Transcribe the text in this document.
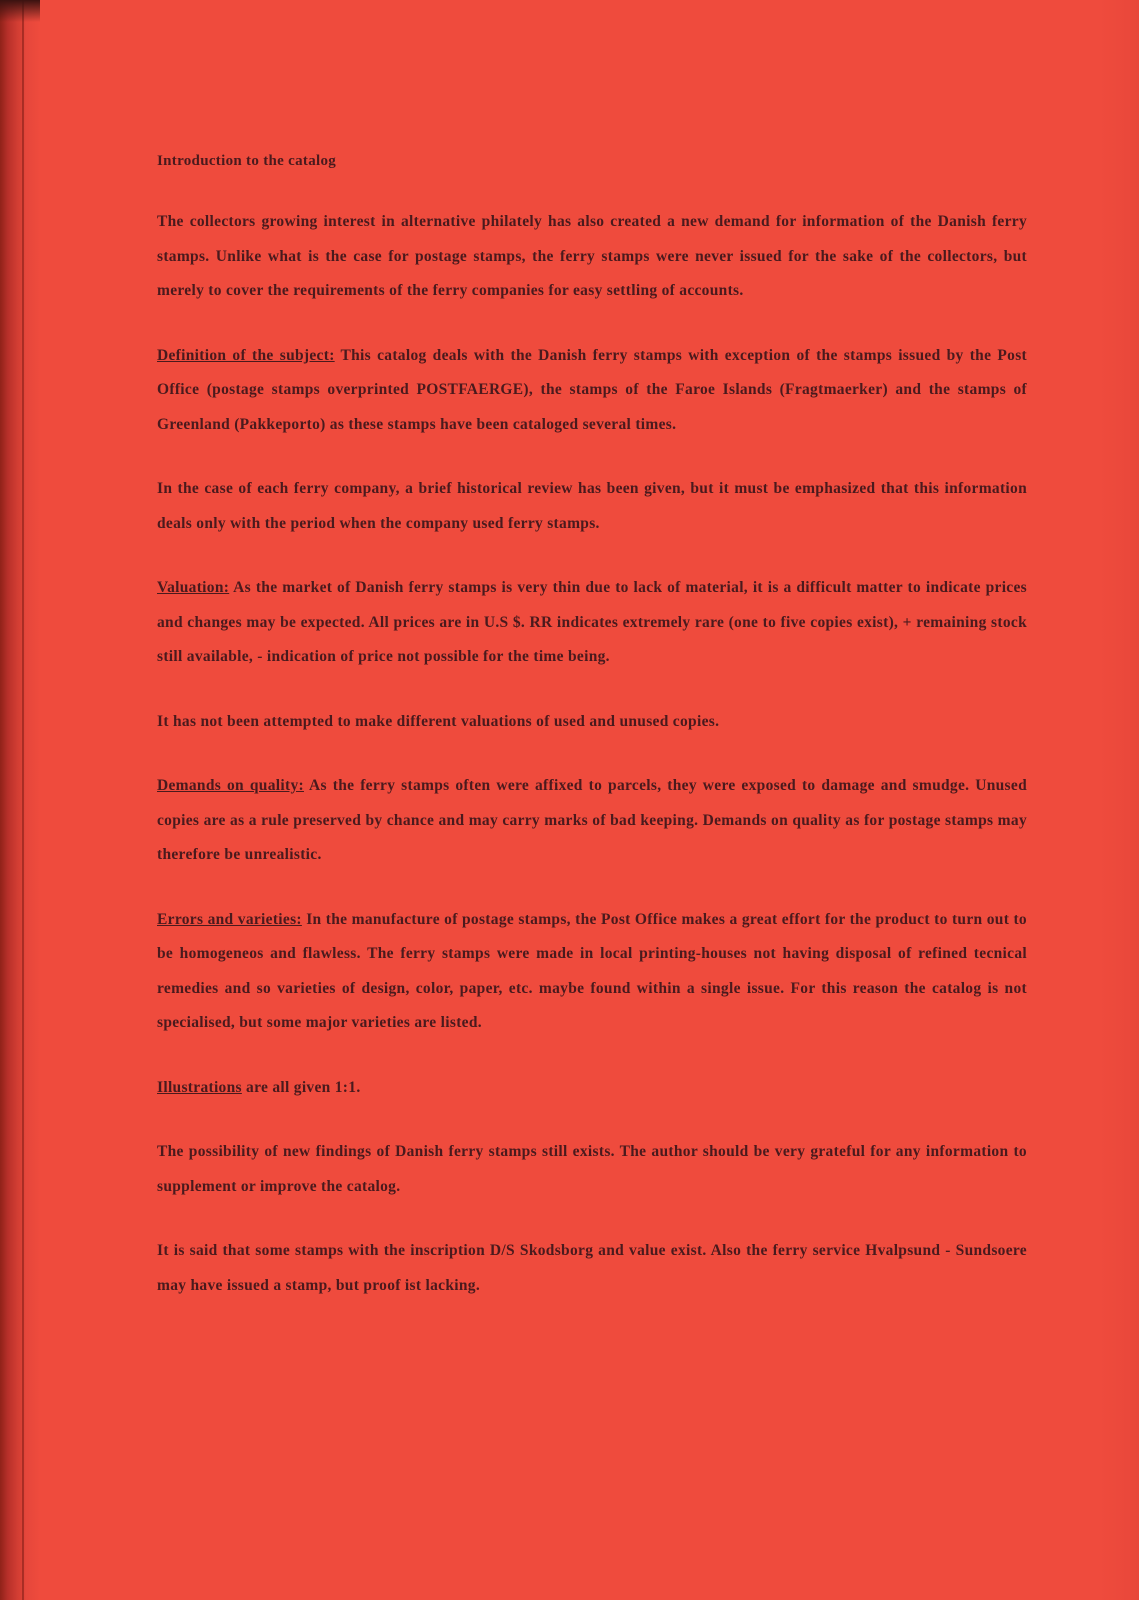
Introduction to the catalog

The collectors growing interest in alternative philately has also created a new demand for information of the Danish ferry stamps. Unlike what is the case for postage stamps, the ferry stamps were never issued for the sake of the collectors, but merely to cover the requirements of the ferry companies for easy settling of accounts.

Definition of the subject: This catalog deals with the Danish ferry stamps with exception of the stamps issued by the Post Office (postage stamps overprinted POSTFAERGE), the stamps of the Faroe Islands (Fragtmaerker) and the stamps of Greenland (Pakkeporto) as these stamps have been cataloged several times.

In the case of each ferry company, a brief historical review has been given, but it must be emphasized that this information deals only with the period when the company used ferry stamps.

Valuation: As the market of Danish ferry stamps is very thin due to lack of material, it is a difficult matter to indicate prices and changes may be expected. All prices are in U.S $. RR indicates extremely rare (one to five copies exist), + remaining stock still available, - indication of price not possible for the time being.

It has not been attempted to make different valuations of used and unused copies.

Demands on quality: As the ferry stamps often were affixed to parcels, they were exposed to damage and smudge. Unused copies are as a rule preserved by chance and may carry marks of bad keeping. Demands on quality as for postage stamps may therefore be unrealistic.

Errors and varieties: In the manufacture of postage stamps, the Post Office makes a great effort for the product to turn out to be homogeneos and flawless. The ferry stamps were made in local printing-houses not having disposal of refined tecnical remedies and so varieties of design, color, paper, etc. maybe found within a single issue. For this reason the catalog is not specialised, but some major varieties are listed.

Illustrations are all given 1:1.

The possibility of new findings of Danish ferry stamps still exists. The author should be very grateful for any information to supplement or improve the catalog.

It is said that some stamps with the inscription D/S Skodsborg and value exist. Also the ferry service Hvalpsund - Sundsoere may have issued a stamp, but proof ist lacking.
